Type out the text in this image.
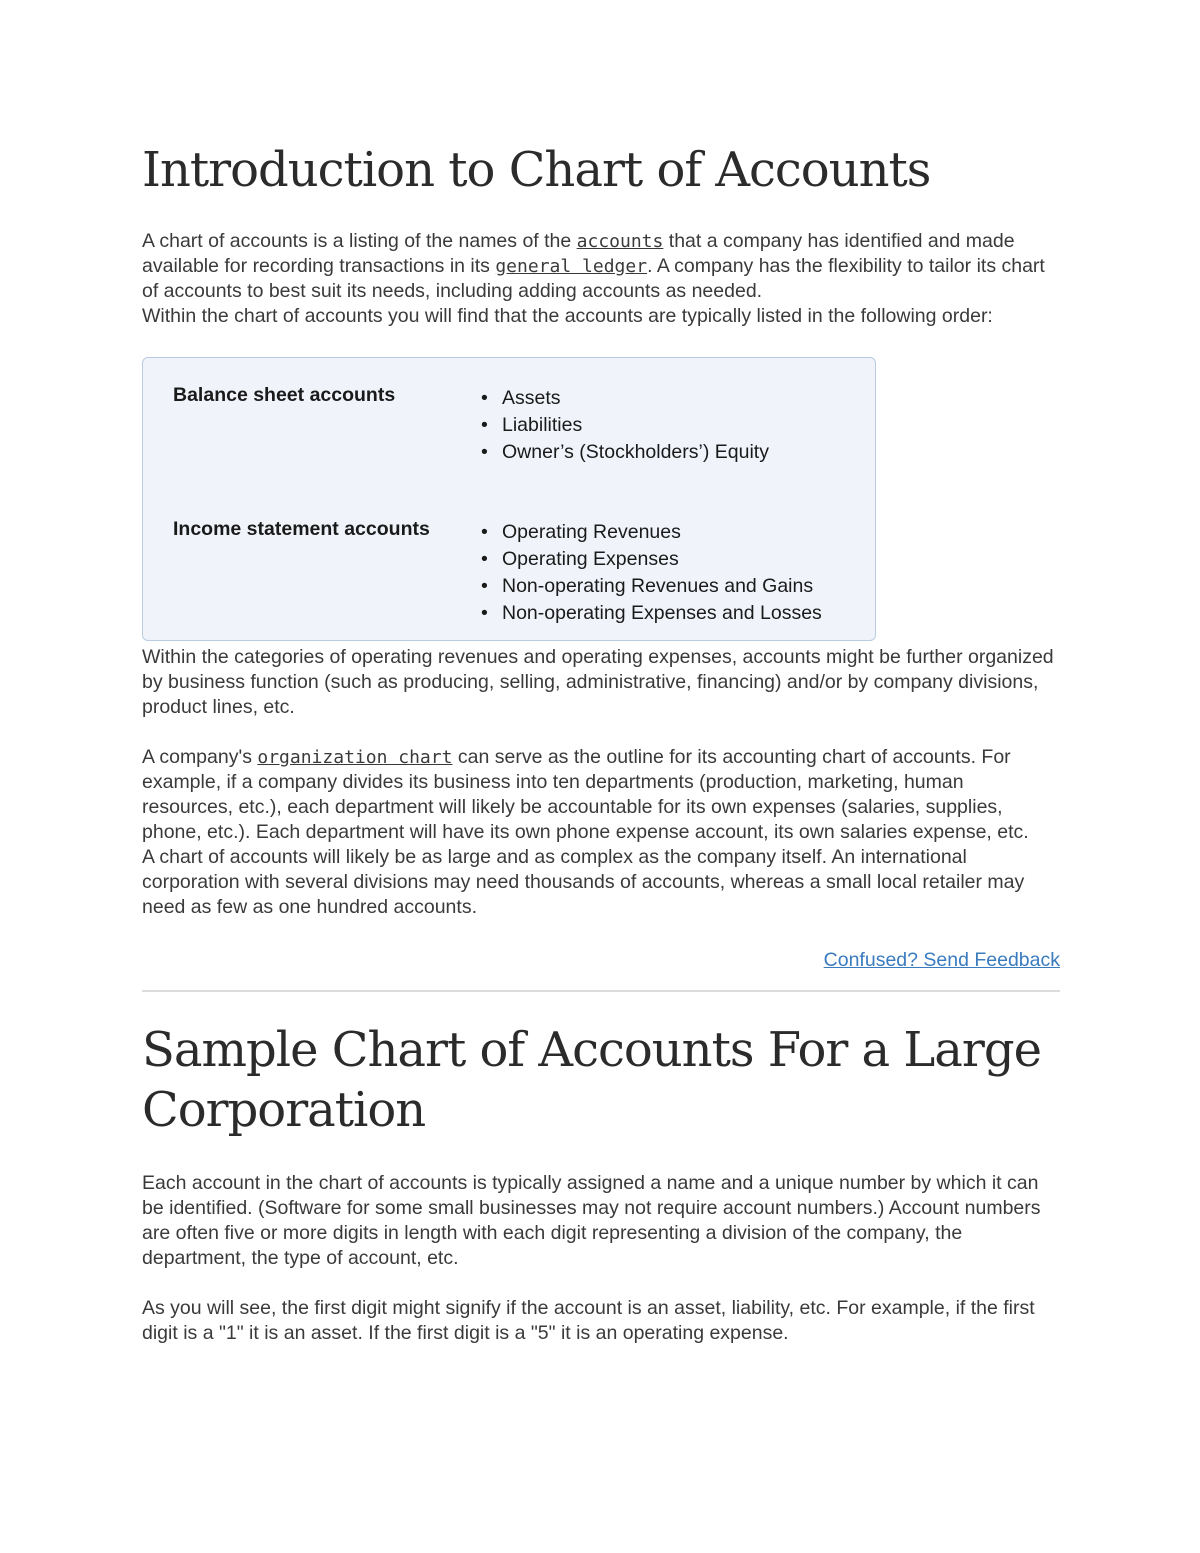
Introduction to Chart of Accounts

A chart of accounts is a listing of the names of the accounts that a company has identified and made available for recording transactions in its general ledger. A company has the flexibility to tailor its chart of accounts to best suit its needs, including adding accounts as needed.

Within the chart of accounts you will find that the accounts are typically listed in the following order:

Balance sheet accounts	• Assets
• Liabilities
• Owner’s (Stockholders’) Equity
Income statement accounts	• Operating Revenues
• Operating Expenses
• Non-operating Revenues and Gains
• Non-operating Expenses and Losses

Within the categories of operating revenues and operating expenses, accounts might be further organized by business function (such as producing, selling, administrative, financing) and/or by company divisions, product lines, etc.

A company's organization chart can serve as the outline for its accounting chart of accounts. For example, if a company divides its business into ten departments (production, marketing, human resources, etc.), each department will likely be accountable for its own expenses (salaries, supplies, phone, etc.). Each department will have its own phone expense account, its own salaries expense, etc.

A chart of accounts will likely be as large and as complex as the company itself. An international corporation with several divisions may need thousands of accounts, whereas a small local retailer may need as few as one hundred accounts.

Confused? Send Feedback
Sample Chart of Accounts For a Large Corporation

Each account in the chart of accounts is typically assigned a name and a unique number by which it can be identified. (Software for some small businesses may not require account numbers.) Account numbers are often five or more digits in length with each digit representing a division of the company, the department, the type of account, etc.

As you will see, the first digit might signify if the account is an asset, liability, etc. For example, if the first digit is a "1" it is an asset. If the first digit is a "5" it is an operating expense.
